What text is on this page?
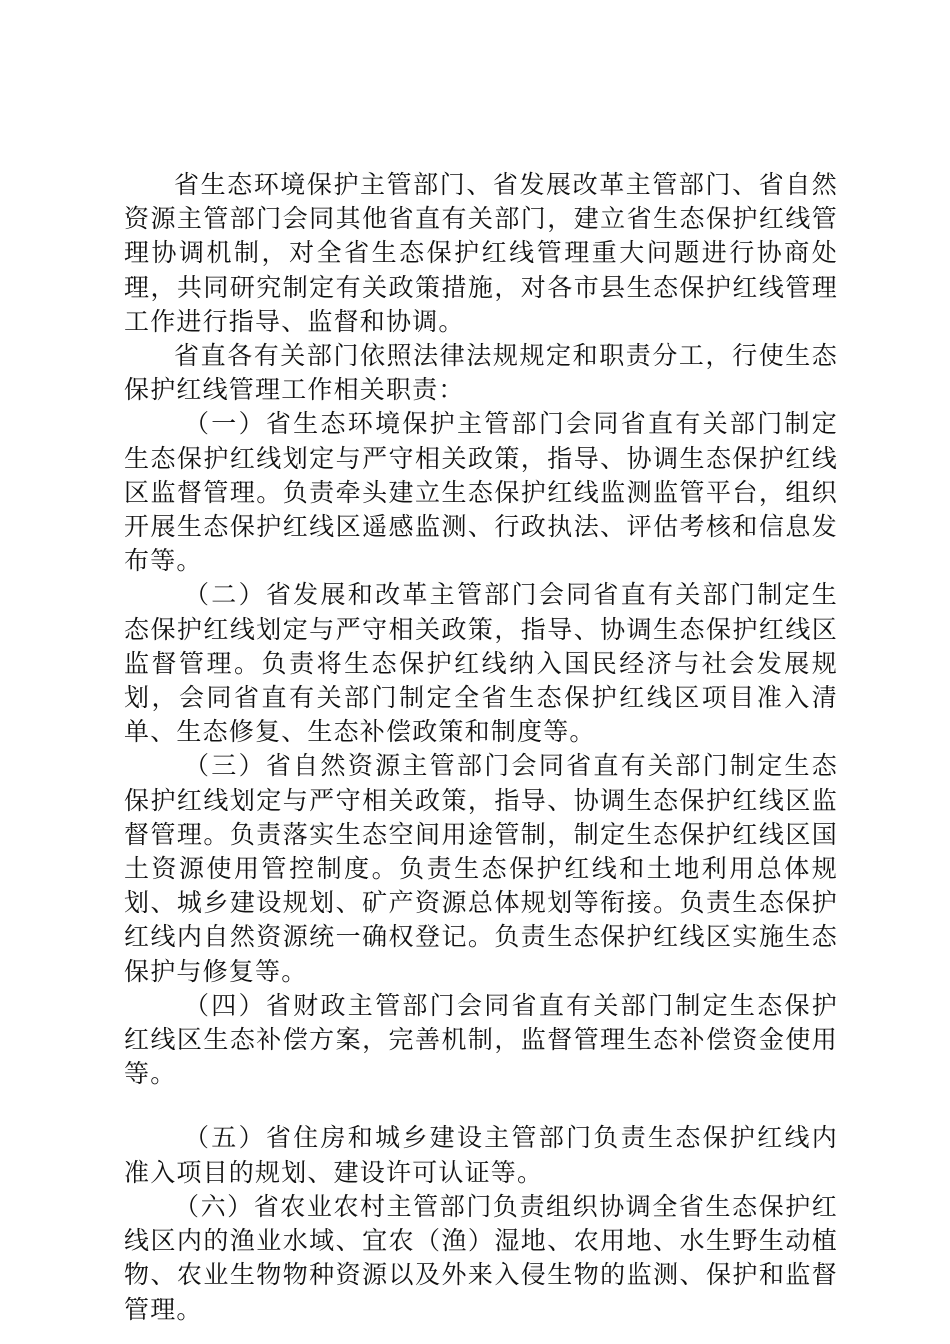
省生态环境保护主管部门、省发展改革主管部门、省自然资源主管部门会同其他省直有关部门，建立省生态保护红线管理协调机制，对全省生态保护红线管理重大问题进行协商处理，共同研究制定有关政策措施，对各市县生态保护红线管理工作进行指导、监督和协调。

省直各有关部门依照法律法规规定和职责分工，行使生态保护红线管理工作相关职责：

（一）省生态环境保护主管部门会同省直有关部门制定生态保护红线划定与严守相关政策，指导、协调生态保护红线区监督管理。负责牵头建立生态保护红线监测监管平台，组织开展生态保护红线区遥感监测、行政执法、评估考核和信息发布等。

（二）省发展和改革主管部门会同省直有关部门制定生态保护红线划定与严守相关政策，指导、协调生态保护红线区监督管理。负责将生态保护红线纳入国民经济与社会发展规划，会同省直有关部门制定全省生态保护红线区项目准入清单、生态修复、生态补偿政策和制度等。

（三）省自然资源主管部门会同省直有关部门制定生态保护红线划定与严守相关政策，指导、协调生态保护红线区监督管理。负责落实生态空间用途管制，制定生态保护红线区国土资源使用管控制度。负责生态保护红线和土地利用总体规划、城乡建设规划、矿产资源总体规划等衔接。负责生态保护红线内自然资源统一确权登记。负责生态保护红线区实施生态保护与修复等。

（四）省财政主管部门会同省直有关部门制定生态保护红线区生态补偿方案，完善机制，监督管理生态补偿资金使用等。

（五）省住房和城乡建设主管部门负责生态保护红线内准入项目的规划、建设许可认证等。

（六）省农业农村主管部门负责组织协调全省生态保护红线区内的渔业水域、宜农（渔）湿地、农用地、水生野生动植物、农业生物物种资源以及外来入侵生物的监测、保护和监督管理。
